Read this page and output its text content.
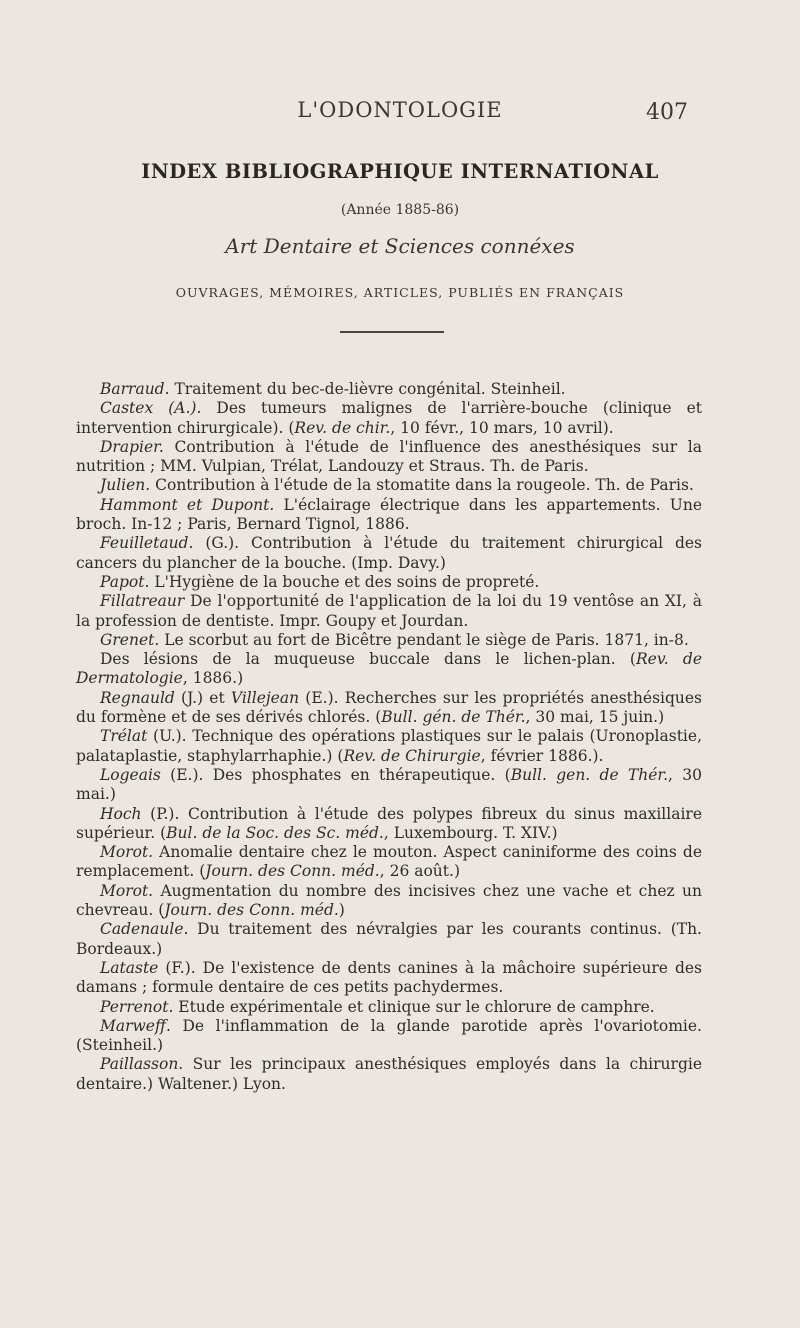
L'ODONTOLOGIE	407
INDEX BIBLIOGRAPHIQUE INTERNATIONAL
(Année 1885-86)
Art Dentaire et Sciences connéxes
OUVRAGES, MÉMOIRES, ARTICLES, PUBLIÉS EN FRANÇAIS

Barraud. Traitement du bec-de-lièvre congénital. Steinheil.

Castex (A.). Des tumeurs malignes de l'arrière-bouche (clinique et intervention chirurgicale). (Rev. de chir., 10 févr., 10 mars, 10 avril).

Drapier. Contribution à l'étude de l'influence des anesthésiques sur la nutrition ; MM. Vulpian, Trélat, Landouzy et Straus. Th. de Paris.

Julien. Contribution à l'étude de la stomatite dans la rougeole. Th. de Paris.

Hammont et Dupont. L'éclairage électrique dans les appartements. Une broch. In-12 ; Paris, Bernard Tignol, 1886.

Feuilletaud. (G.). Contribution à l'étude du traitement chirurgical des cancers du plancher de la bouche. (Imp. Davy.)

Papot. L'Hygiène de la bouche et des soins de propreté.

Fillatreaur De l'opportunité de l'application de la loi du 19 ventôse an XI, à la profession de dentiste. Impr. Goupy et Jourdan.

Grenet. Le scorbut au fort de Bicêtre pendant le siège de Paris. 1871, in-8.

Des lésions de la muqueuse buccale dans le lichen-plan. (Rev. de Dermatologie, 1886.)

Regnauld (J.) et Villejean (E.). Recherches sur les propriétés anesthésiques du formène et de ses dérivés chlorés. (Bull. gén. de Thér., 30 mai, 15 juin.)

Trélat (U.). Technique des opérations plastiques sur le palais (Uronoplastie, palataplastie, staphylarrhaphie.) (Rev. de Chirurgie, février 1886.).

Logeais (E.). Des phosphates en thérapeutique. (Bull. gen. de Thér., 30 mai.)

Hoch (P.). Contribution à l'étude des polypes fibreux du sinus maxillaire supérieur. (Bul. de la Soc. des Sc. méd., Luxembourg. T. XIV.)

Morot. Anomalie dentaire chez le mouton. Aspect caniniforme des coins de remplacement. (Journ. des Conn. méd., 26 août.)

Morot. Augmentation du nombre des incisives chez une vache et chez un chevreau. (Journ. des Conn. méd.)

Cadenaule. Du traitement des névralgies par les courants continus. (Th. Bordeaux.)

Lataste (F.). De l'existence de dents canines à la mâchoire supérieure des damans ; formule dentaire de ces petits pachydermes.

Perrenot. Etude expérimentale et clinique sur le chlorure de camphre.

Marweff. De l'inflammation de la glande parotide après l'ovariotomie. (Steinheil.)

Paillasson. Sur les principaux anesthésiques employés dans la chirurgie dentaire.) Waltener.) Lyon.
